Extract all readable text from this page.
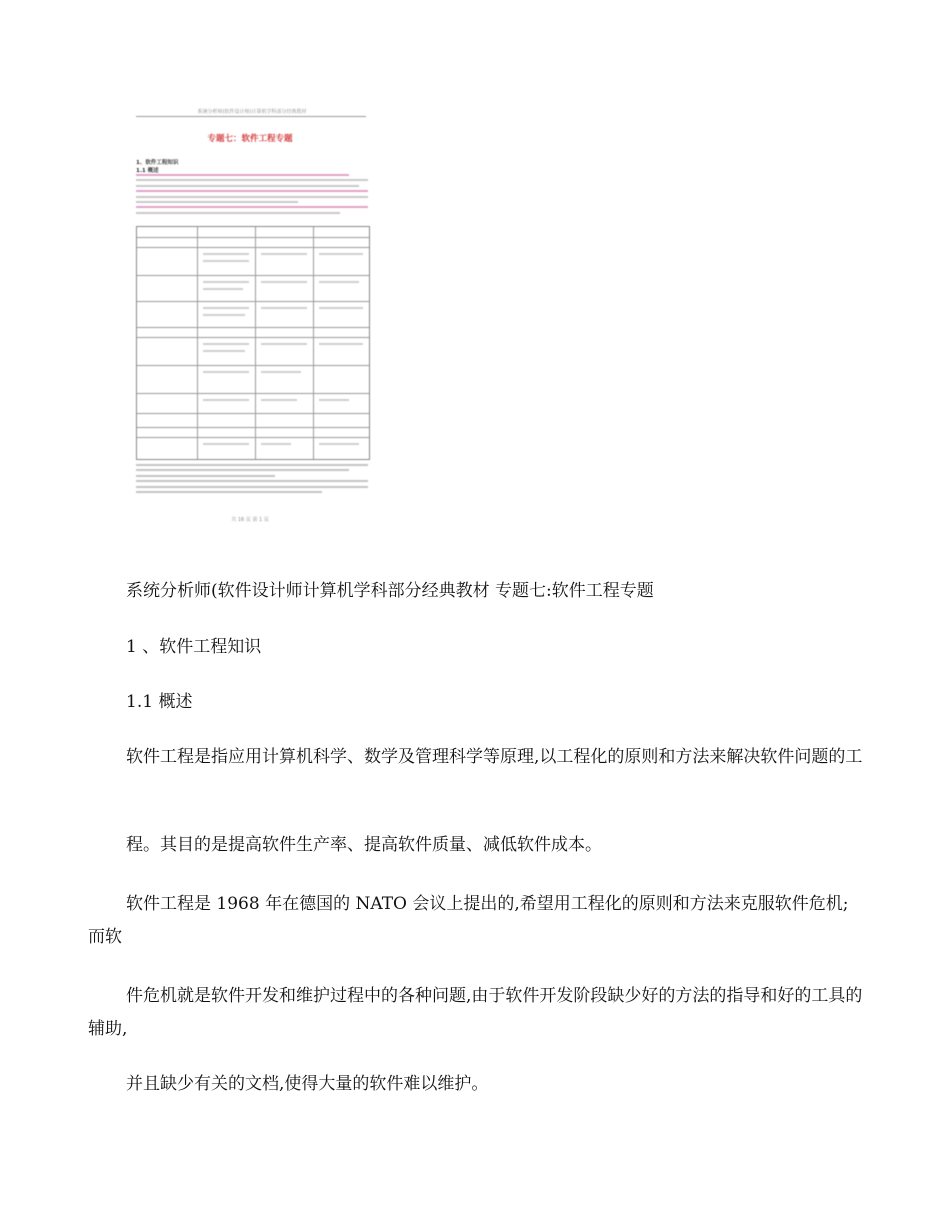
系统分析师(软件设计师)计算机学科部分经典教材
专题七：软件工程专题
1、软件工程知识
1.1 概述
共 16 页 第 1 页

系统分析师(软件设计师计算机学科部分经典教材 专题七:软件工程专题

1 、软件工程知识

1.1 概述

软件工程是指应用计算机科学、数学及管理科学等原理,以工程化的原则和方法来解决软件问题的工

程。其目的是提高软件生产率、提高软件质量、减低软件成本。

软件工程是 1968 年在德国的 NATO 会议上提出的,希望用工程化的原则和方法来克服软件危机;而软

件危机就是软件开发和维护过程中的各种问题,由于软件开发阶段缺少好的方法的指导和好的工具的辅助,

并且缺少有关的文档,使得大量的软件难以维护。
